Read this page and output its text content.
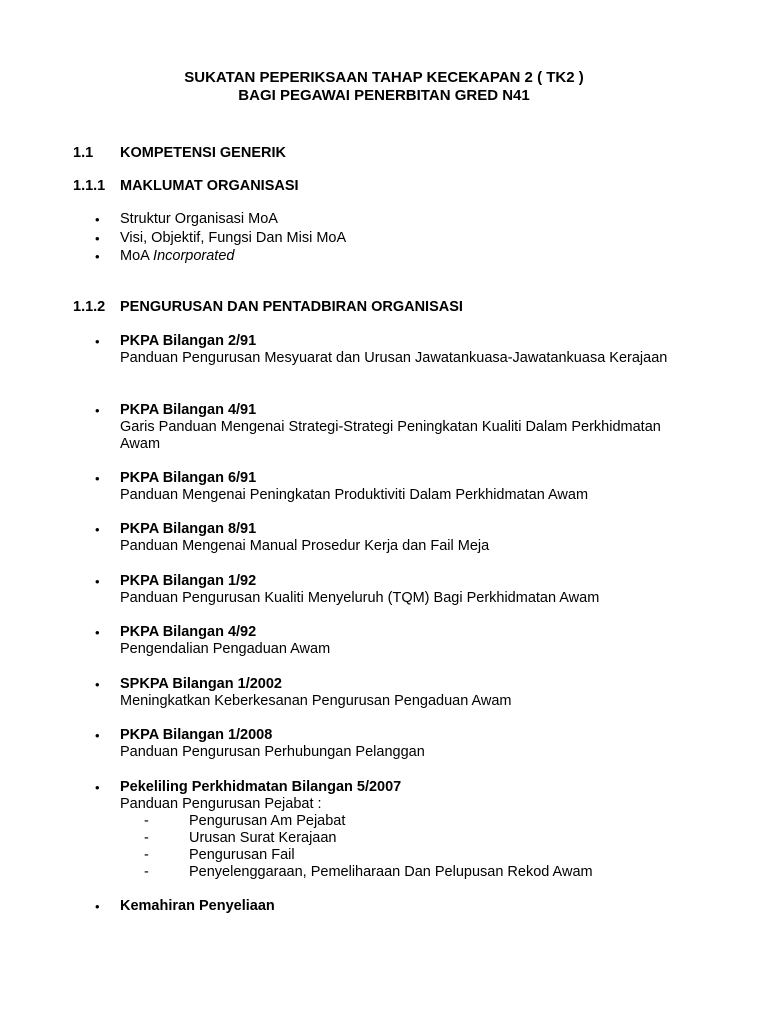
SUKATAN PEPERIKSAAN TAHAP KECEKAPAN 2 ( TK2 )
BAGI PEGAWAI PENERBITAN GRED N41
1.1 KOMPETENSI GENERIK
1.1.1 MAKLUMAT ORGANISASI
• Struktur Organisasi MoA
• Visi, Objektif, Fungsi Dan Misi MoA
• MoA Incorporated
1.1.2 PENGURUSAN DAN PENTADBIRAN ORGANISASI
• PKPA Bilangan 2/91
Panduan Pengurusan Mesyuarat dan Urusan Jawatankuasa-Jawatankuasa Kerajaan
• PKPA Bilangan 4/91
Garis Panduan Mengenai Strategi-Strategi Peningkatan Kualiti Dalam Perkhidmatan Awam
• PKPA Bilangan 6/91
Panduan Mengenai Peningkatan Produktiviti Dalam Perkhidmatan Awam
• PKPA Bilangan 8/91
Panduan Mengenai Manual Prosedur Kerja dan Fail Meja
• PKPA Bilangan 1/92
Panduan Pengurusan Kualiti Menyeluruh (TQM) Bagi Perkhidmatan Awam
• PKPA Bilangan 4/92
Pengendalian Pengaduan Awam
• SPKPA Bilangan 1/2002
Meningkatkan Keberkesanan Pengurusan Pengaduan Awam
• PKPA Bilangan 1/2008
Panduan Pengurusan Perhubungan Pelanggan
• Pekeliling Perkhidmatan Bilangan 5/2007
Panduan Pengurusan Pejabat :
-	Pengurusan Am Pejabat
-	Urusan Surat Kerajaan
-	Pengurusan Fail
-	Penyelenggaraan, Pemeliharaan Dan Pelupusan Rekod Awam
• Kemahiran Penyeliaan
